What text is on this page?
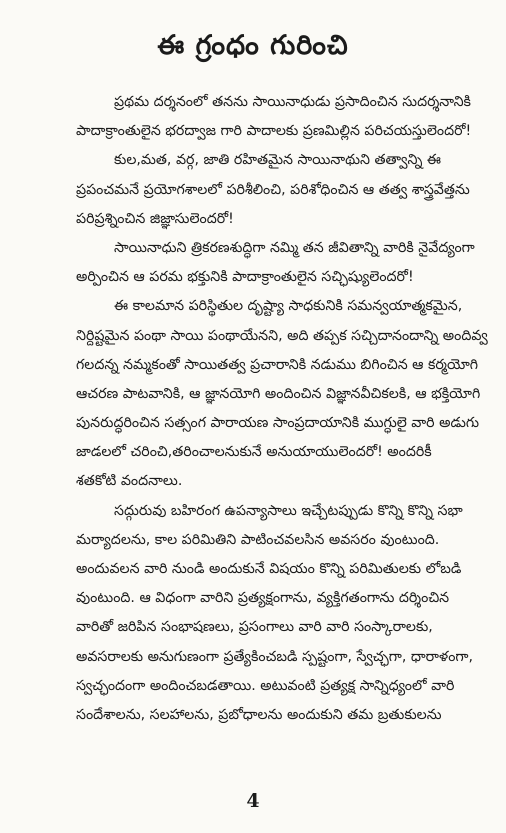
ఈ గ్రంధం గురించి
ప్రథమ దర్శనంలో తనను సాయినాధుడు ప్రసాదించిన సుదర్శనానికి
పాదాక్రాంతులైన భరద్వాజ గారి పాదాలకు ప్రణమిల్లిన పరిచయస్తులెందరో!
కుల,మత, వర్గ, జాతి రహితమైన సాయినాథుని తత్వాన్ని ఈ
ప్రపంచమనే ప్రయోగశాలలో పరిశీలించి, పరిశోధించిన ఆ తత్వ శాస్త్రవేత్తను
పరిప్రశ్నించిన జిజ్ఞాసులెందరో!
సాయినాధుని త్రికరణశుద్ధిగా నమ్మి తన జీవితాన్ని వారికి నైవేద్యంగా
అర్పించిన ఆ పరమ భక్తునికి పాదాక్రాంతులైన సచ్ఛిష్యులెందరో!
ఈ కాలమాన పరిస్థితుల దృష్ట్యా సాధకునికి సమన్వయాత్మకమైన,
నిర్దిష్టమైన పంథా సాయి పంథాయేనని, అది తప్పక సచ్చిదానందాన్ని అందివ్వ
గలదన్న నమ్మకంతో సాయితత్వ ప్రచారానికి నడుము బిగించిన ఆ కర్మయోగి
ఆచరణ పాటవానికి, ఆ జ్ఞానయోగి అందించిన విజ్ఞానవీచికలకి, ఆ భక్తియోగి
పునరుద్ధరించిన సత్సంగ పారాయణ సాంప్రదాయానికి ముగ్ధులై వారి అడుగు
జాడలలో చరించి,తరించాలనుకునే అనుయాయులెందరో! అందరికీ
శతకోటి వందనాలు.
సద్గురువు బహిరంగ ఉపన్యాసాలు ఇచ్చేటప్పుడు కొన్ని కొన్ని సభా
మర్యాదలను, కాల పరిమితిని పాటించవలసిన అవసరం వుంటుంది.
అందువలన వారి నుండి అందుకునే విషయం కొన్ని పరిమితులకు లోబడి
వుంటుంది. ఆ విధంగా వారిని ప్రత్యక్షంగాను, వ్యక్తిగతంగాను దర్శించిన
వారితో జరిపిన సంభాషణలు, ప్రసంగాలు వారి వారి సంస్కారాలకు,
అవసరాలకు అనుగుణంగా ప్రత్యేకించబడి స్పష్టంగా, స్వేచ్ఛగా, ధారాళంగా,
స్వచ్ఛందంగా అందించబడతాయి. అటువంటి ప్రత్యక్ష సాన్నిధ్యంలో వారి
సందేశాలను, సలహాలను, ప్రబోధాలను అందుకుని తమ బ్రతుకులను
4
